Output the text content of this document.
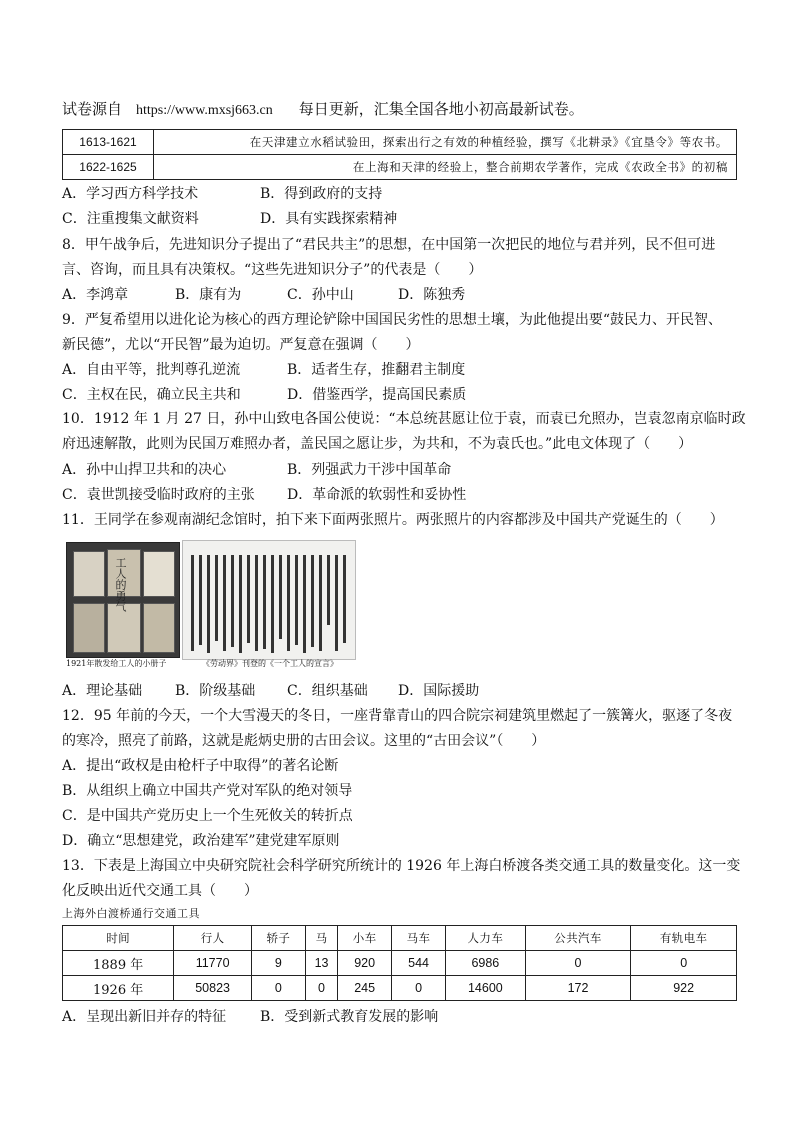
试卷源自 https://www.mxsj663.cn 每日更新，汇集全国各地小初高最新试卷。
1613-1621	在天津建立水稻试验田，探索出行之有效的种植经验，撰写《北耕录》《宜垦令》等农书。
1622-1625	在上海和天津的经验上，整合前期农学著作，完成《农政全书》的初稿
A．学习西方科学技术	B．得到政府的支持
C．注重搜集文献资料	D．具有实践探索精神
8．甲午战争后，先进知识分子提出了“君民共主”的思想，在中国第一次把民的地位与君并列，民不但可进
言、咨询，而且具有决策权。“这些先进知识分子”的代表是（　　）
A．李鸿章	B．康有为	C．孙中山	D．陈独秀
9．严复希望用以进化论为核心的西方理论铲除中国国民劣性的思想土壤，为此他提出要“鼓民力、开民智、
新民德”，尤以“开民智”最为迫切。严复意在强调（　　）
A．自由平等，批判尊孔逆流	B．适者生存，推翻君主制度
C．主权在民，确立民主共和	D．借鉴西学，提高国民素质
10．1912 年 1 月 27 日，孙中山致电各国公使说：“本总统甚愿让位于袁，而袁已允照办，岂袁忽南京临时政
府迅速解散，此则为民国万难照办者，盖民国之愿让步，为共和，不为袁氏也。”此电文体现了（　　）
A．孙中山捍卫共和的决心	B．列强武力干涉中国革命
C．袁世凯接受临时政府的主张 D．革命派的软弱性和妥协性
11．王同学在参观南湖纪念馆时，拍下来下面两张照片。两张照片的内容都涉及中国共产党诞生的（　　）
工人的勇气
1921年散发给工人的小册子	《劳动界》刊登的《一个工人的宣言》
A．理论基础 B．阶级基础 C．组织基础 D．国际援助
12．95 年前的今天，一个大雪漫天的冬日，一座背靠青山的四合院宗祠建筑里燃起了一簇篝火，驱逐了冬夜
的寒冷，照亮了前路，这就是彪炳史册的古田会议。这里的“古田会议”（　　）
A．提出“政权是由枪杆子中取得”的著名论断
B．从组织上确立中国共产党对军队的绝对领导
C．是中国共产党历史上一个生死攸关的转折点
D．确立“思想建党，政治建军”建党建军原则
13．下表是上海国立中央研究院社会科学研究所统计的 1926 年上海白桥渡各类交通工具的数量变化。这一变
化反映出近代交通工具（　　）
上海外白渡桥通行交通工具
时间	行人	轿子	马	小车	马车	人力车	公共汽车	有轨电车
1889 年	11770	9	13	920	544	6986	0	0
1926 年	50823	0	0	245	0	14600	172	922
A．呈现出新旧并存的特征 B．受到新式教育发展的影响
